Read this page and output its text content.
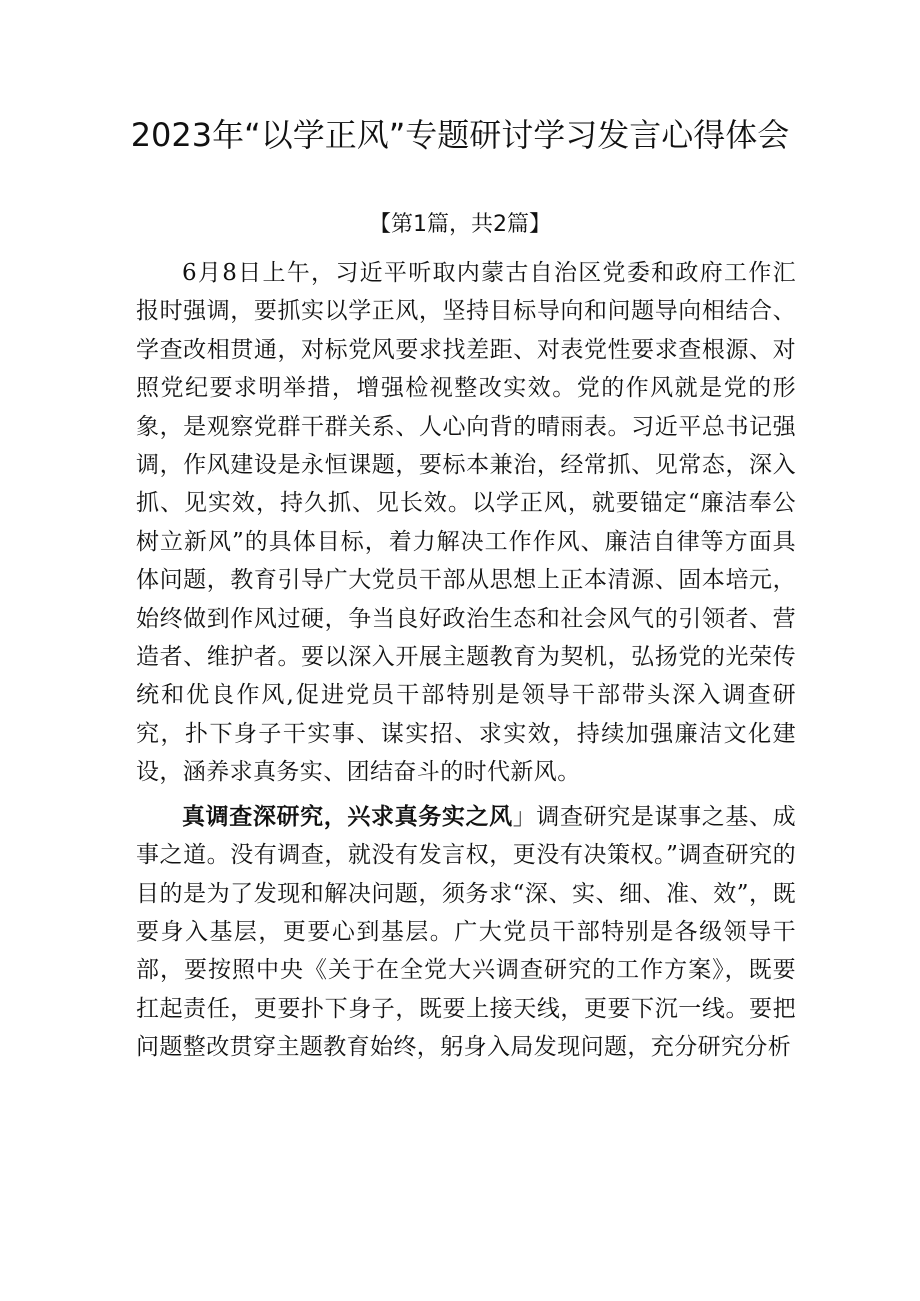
2023年“以学正风”专题研讨学习发言心得体会

【第1篇，共2篇】

6月8日上午，习近平听取内蒙古自治区党委和政府工作汇报时强调，要抓实以学正风，坚持目标导向和问题导向相结合、学查改相贯通，对标党风要求找差距、对表党性要求查根源、对照党纪要求明举措，增强检视整改实效。党的作风就是党的形象，是观察党群干群关系、人心向背的晴雨表。习近平总书记强调，作风建设是永恒课题，要标本兼治，经常抓、见常态，深入抓、见实效，持久抓、见长效。以学正风，就要锚定“廉洁奉公树立新风”的具体目标，着力解决工作作风、廉洁自律等方面具体问题，教育引导广大党员干部从思想上正本清源、固本培元，始终做到作风过硬，争当良好政治生态和社会风气的引领者、营造者、维护者。要以深入开展主题教育为契机，弘扬党的光荣传统和优良作风,促进党员干部特别是领导干部带头深入调查研究，扑下身子干实事、谋实招、求实效，持续加强廉洁文化建设，涵养求真务实、团结奋斗的时代新风。

真调查深研究，兴求真务实之风」调查研究是谋事之基、成事之道。没有调查，就没有发言权，更没有决策权。”调查研究的目的是为了发现和解决问题，须务求“深、实、细、准、效”，既要身入基层，更要心到基层。广大党员干部特别是各级领导干部，要按照中央《关于在全党大兴调查研究的工作方案》，既要扛起责任，更要扑下身子，既要上接天线，更要下沉一线。要把问题整改贯穿主题教育始终，躬身入局发现问题，充分研究分析
